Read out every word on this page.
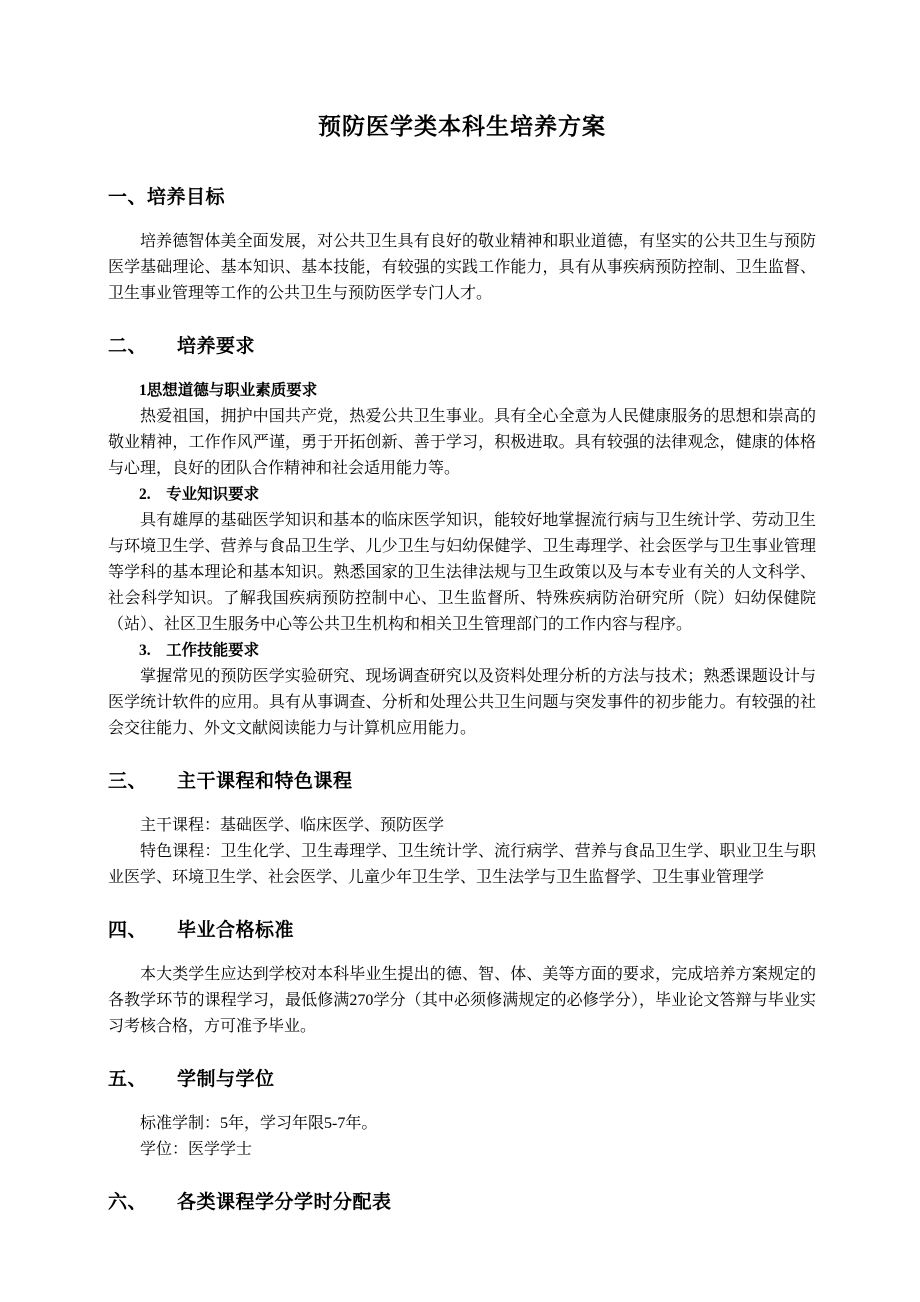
预防医学类本科生培养方案
一、培养目标

培养德智体美全面发展，对公共卫生具有良好的敬业精神和职业道德，有坚实的公共卫生与预防医学基础理论、基本知识、基本技能，有较强的实践工作能力，具有从事疾病预防控制、卫生监督、卫生事业管理等工作的公共卫生与预防医学专门人才。

二、 培养要求

1思想道德与职业素质要求

热爱祖国，拥护中国共产党，热爱公共卫生事业。具有全心全意为人民健康服务的思想和崇高的敬业精神，工作作风严谨，勇于开拓创新、善于学习，积极进取。具有较强的法律观念，健康的体格与心理，良好的团队合作精神和社会适用能力等。

2.　专业知识要求

具有雄厚的基础医学知识和基本的临床医学知识，能较好地掌握流行病与卫生统计学、劳动卫生与环境卫生学、营养与食品卫生学、儿少卫生与妇幼保健学、卫生毒理学、社会医学与卫生事业管理等学科的基本理论和基本知识。熟悉国家的卫生法律法规与卫生政策以及与本专业有关的人文科学、社会科学知识。了解我国疾病预防控制中心、卫生监督所、特殊疾病防治研究所（院）妇幼保健院（站）、社区卫生服务中心等公共卫生机构和相关卫生管理部门的工作内容与程序。

3.　工作技能要求

掌握常见的预防医学实验研究、现场调查研究以及资料处理分析的方法与技术；熟悉课题设计与医学统计软件的应用。具有从事调查、分析和处理公共卫生问题与突发事件的初步能力。有较强的社会交往能力、外文文献阅读能力与计算机应用能力。

三、 主干课程和特色课程

主干课程：基础医学、临床医学、预防医学

特色课程：卫生化学、卫生毒理学、卫生统计学、流行病学、营养与食品卫生学、职业卫生与职业医学、环境卫生学、社会医学、儿童少年卫生学、卫生法学与卫生监督学、卫生事业管理学

四、 毕业合格标准

本大类学生应达到学校对本科毕业生提出的德、智、体、美等方面的要求，完成培养方案规定的各教学环节的课程学习，最低修满270学分（其中必须修满规定的必修学分），毕业论文答辩与毕业实习考核合格，方可准予毕业。

五、 学制与学位

标准学制：5年，学习年限5-7年。

学位：医学学士

六、 各类课程学分学时分配表
